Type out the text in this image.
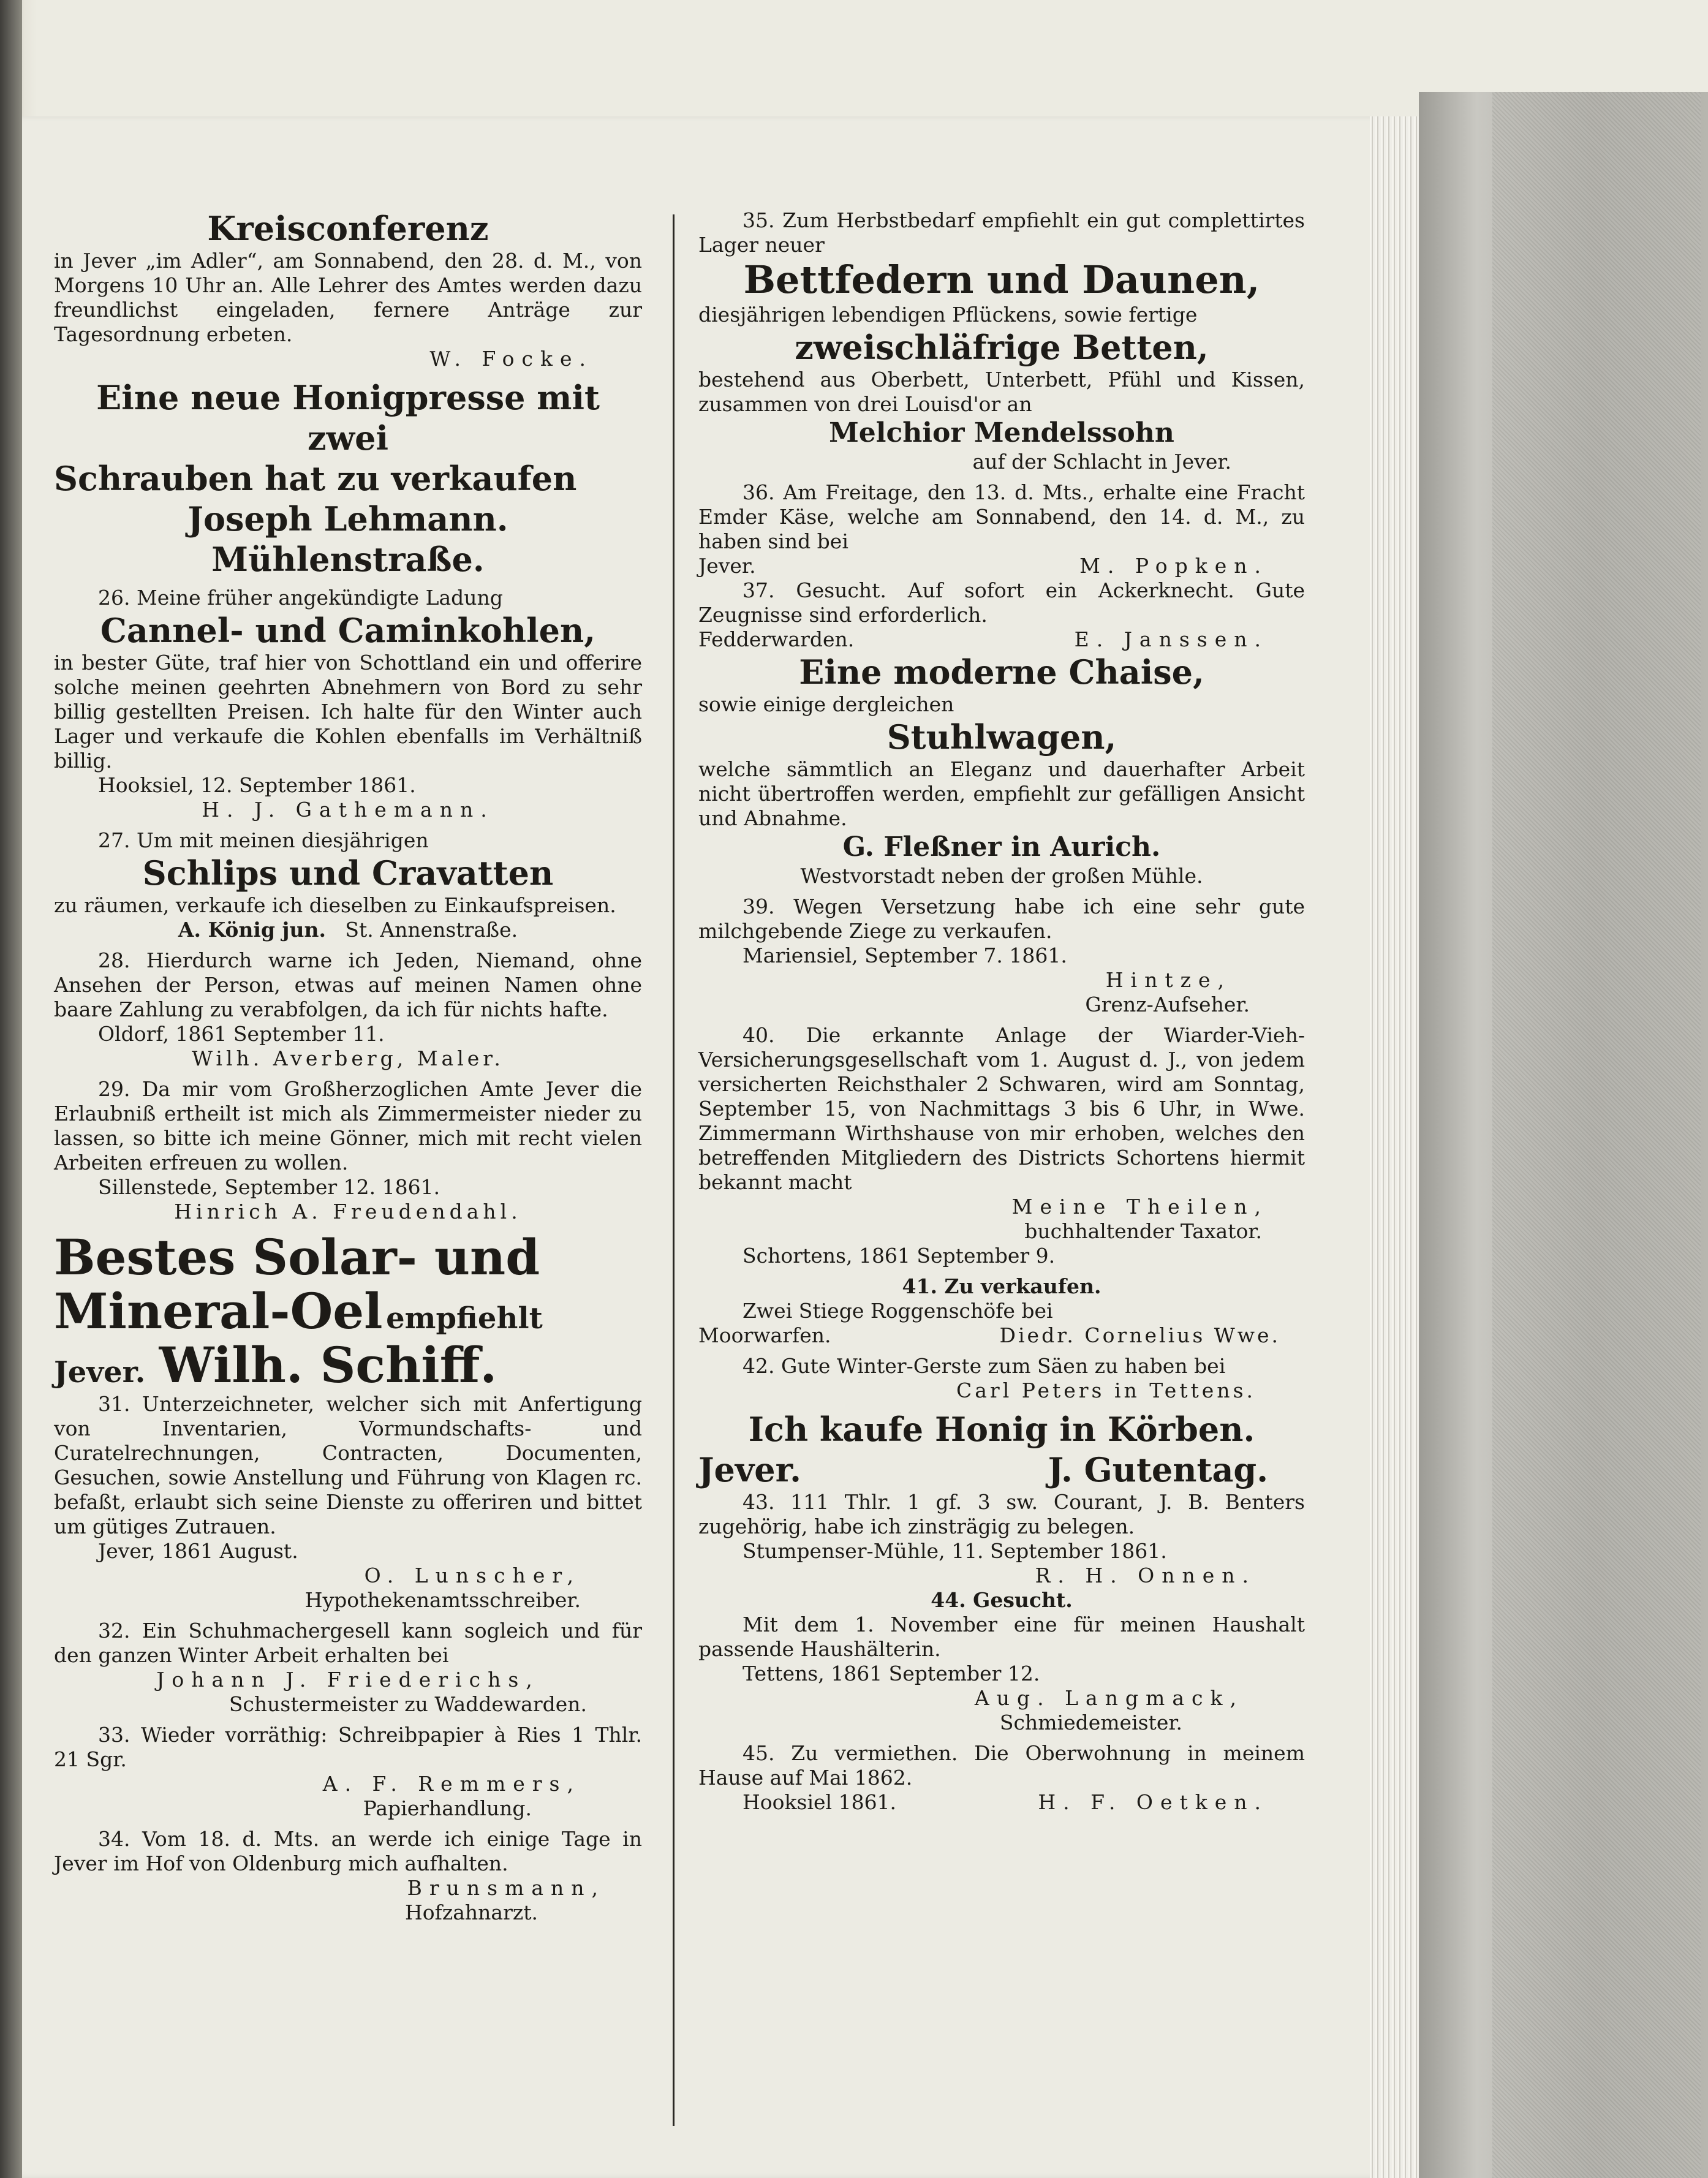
Kreisconferenz

in Jever „im Adler“, am Sonnabend, den 28. d. M., von Morgens 10 Uhr an. Alle Lehrer des Amtes werden dazu freundlichst eingeladen, fernere Anträge zur Tagesordnung erbeten.

W. Focke.

Eine neue Honigpresse mit zwei

Schrauben hat zu verkaufen

Joseph Lehmann.

Mühlenstraße.

26. Meine früher angekündigte Ladung

Cannel- und Caminkohlen,

in bester Güte, traf hier von Schottland ein und offerire solche meinen geehrten Abnehmern von Bord zu sehr billig gestellten Preisen. Ich halte für den Winter auch Lager und verkaufe die Kohlen ebenfalls im Verhältniß billig.

Hooksiel, 12. September 1861.

H. J. Gathemann.

27. Um mit meinen diesjährigen

Schlips und Cravatten

zu räumen, verkaufe ich dieselben zu Einkaufspreisen.

A. König jun. St. Annenstraße.

28. Hierdurch warne ich Jeden, Niemand, ohne Ansehen der Person, etwas auf meinen Namen ohne baare Zahlung zu verabfolgen, da ich für nichts hafte.

Oldorf, 1861 September 11.

Wilh. Averberg, Maler.

29. Da mir vom Großherzoglichen Amte Jever die Erlaubniß ertheilt ist mich als Zimmermeister nieder zu lassen, so bitte ich meine Gönner, mich mit recht vielen Arbeiten erfreuen zu wollen.

Sillenstede, September 12. 1861.

Hinrich A. Freudendahl.

Bestes Solar- und

Mineral-Oel empfiehlt

Jever. Wilh. Schiff.

31. Unterzeichneter, welcher sich mit Anfertigung von Inventarien, Vormundschafts- und Curatelrechnungen, Contracten, Documenten, Gesuchen, sowie Anstellung und Führung von Klagen rc. befaßt, erlaubt sich seine Dienste zu offeriren und bittet um gütiges Zutrauen.

Jever, 1861 August.

O. Lunscher,

Hypothekenamtsschreiber.

32. Ein Schuhmachergesell kann sogleich und für den ganzen Winter Arbeit erhalten bei

Johann J. Friederichs,

Schustermeister zu Waddewarden.

33. Wieder vorräthig: Schreibpapier à Ries 1 Thlr. 21 Sgr.

A. F. Remmers,

Papierhandlung.

34. Vom 18. d. Mts. an werde ich einige Tage in Jever im Hof von Oldenburg mich aufhalten.

Brunsmann,

Hofzahnarzt.

35. Zum Herbstbedarf empfiehlt ein gut complettirtes Lager neuer

Bettfedern und Daunen,

diesjährigen lebendigen Pflückens, sowie fertige

zweischläfrige Betten,

bestehend aus Oberbett, Unterbett, Pfühl und Kissen, zusammen von drei Louisd'or an

Melchior Mendelssohn

auf der Schlacht in Jever.

36. Am Freitage, den 13. d. Mts., erhalte eine Fracht Emder Käse, welche am Sonnabend, den 14. d. M., zu haben sind bei

Jever.	M. Popken.

37. Gesucht. Auf sofort ein Ackerknecht. Gute Zeugnisse sind erforderlich.

Fedderwarden.	E. Janssen.

Eine moderne Chaise,

sowie einige dergleichen

Stuhlwagen,

welche sämmtlich an Eleganz und dauerhafter Arbeit nicht übertroffen werden, empfiehlt zur gefälligen Ansicht und Abnahme.

G. Fleßner in Aurich.

Westvorstadt neben der großen Mühle.

39. Wegen Versetzung habe ich eine sehr gute milchgebende Ziege zu verkaufen.

Mariensiel, September 7. 1861.

Hintze,

Grenz-Aufseher.

40. Die erkannte Anlage der Wiarder-Vieh-Versicherungsgesellschaft vom 1. August d. J., von jedem versicherten Reichsthaler 2 Schwaren, wird am Sonntag, September 15, von Nachmittags 3 bis 6 Uhr, in Wwe. Zimmermann Wirthshause von mir erhoben, welches den betreffenden Mitgliedern des Districts Schortens hiermit bekannt macht

Meine Theilen,

buchhaltender Taxator.

Schortens, 1861 September 9.

41. Zu verkaufen.

Zwei Stiege Roggenschöfe bei

Moorwarfen.	Diedr. Cornelius Wwe.

42. Gute Winter-Gerste zum Säen zu haben bei

Carl Peters in Tettens.

Ich kaufe Honig in Körben.

Jever.	J. Gutentag.

43. 111 Thlr. 1 gf. 3 sw. Courant, J. B. Benters zugehörig, habe ich zinsträgig zu belegen.

Stumpenser-Mühle, 11. September 1861.

R. H. Onnen.

44. Gesucht.

Mit dem 1. November eine für meinen Haushalt passende Haushälterin.

Tettens, 1861 September 12.

Aug. Langmack,

Schmiedemeister.

45. Zu vermiethen. Die Oberwohnung in meinem Hause auf Mai 1862.

Hooksiel 1861.	H. F. Oetken.
